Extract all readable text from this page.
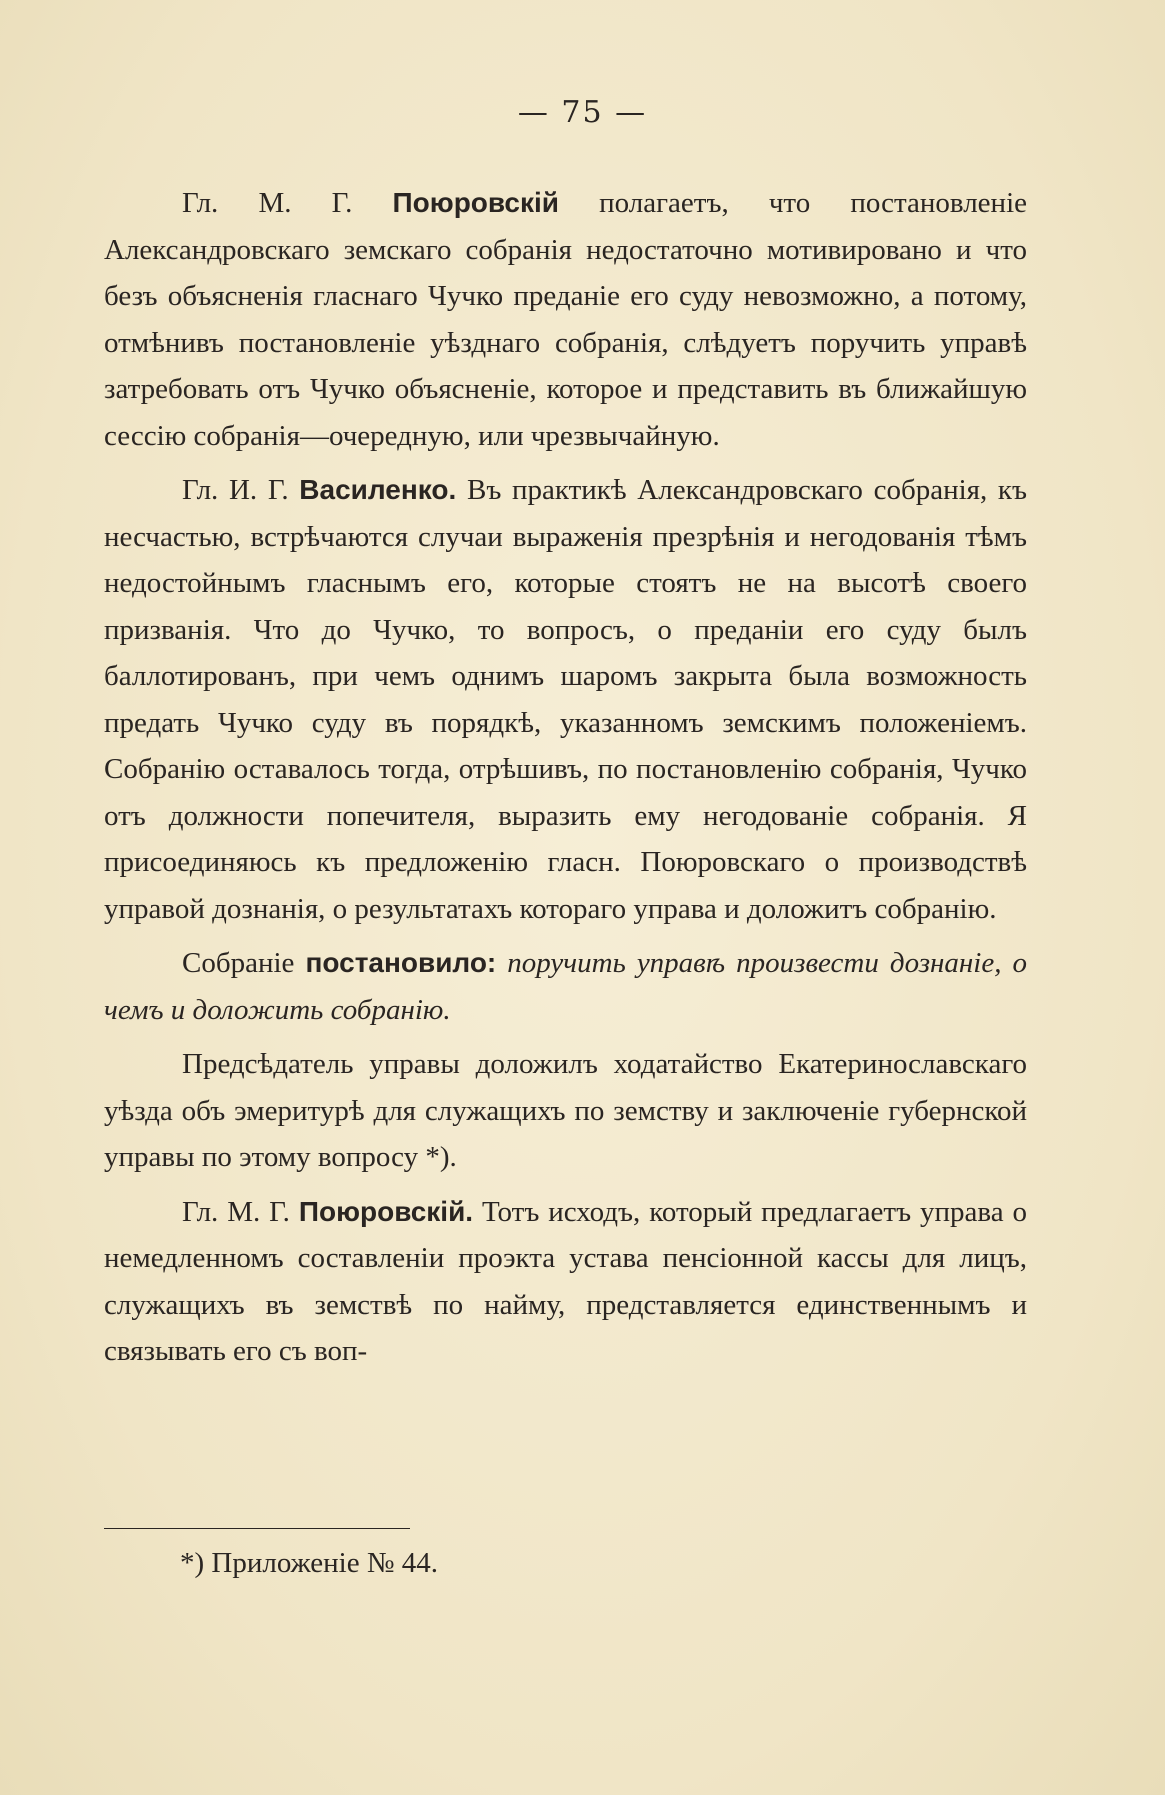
— 75 —

Гл. М. Г. Поюровскій полагаетъ, что постановленіе Александровскаго земскаго собранія недостаточно мотивировано и что безъ объясненія гласнаго Чучко преданіе его суду невозможно, а потому, отмѣнивъ постановленіе уѣзднаго собранія, слѣдуетъ поручить управѣ затребовать отъ Чучко объясненіе, которое и представить въ ближайшую сессію собранія—очередную, или чрезвычайную.

Гл. И. Г. Василенко. Въ практикѣ Александровскаго собранія, къ несчастью, встрѣчаются случаи выраженія презрѣнія и негодованія тѣмъ недостойнымъ гласнымъ его, которые стоятъ не на высотѣ своего призванія. Что до Чучко, то вопросъ, о преданіи его суду былъ баллотированъ, при чемъ однимъ шаромъ закрыта была возможность предать Чучко суду въ порядкѣ, указанномъ земскимъ положеніемъ. Собранію оставалось тогда, отрѣшивъ, по постановленію собранія, Чучко отъ должности попечителя, выразить ему негодованіе собранія. Я присоединяюсь къ предложенію гласн. Поюровскаго о производствѣ управой дознанія, о результатахъ котораго управа и доложитъ собранію.

Собраніе постановило: поручить управѣ произвести дознаніе, о чемъ и доложить собранію.

Предсѣдатель управы доложилъ ходатайство Екатеринославскаго уѣзда объ эмеритурѣ для служащихъ по земству и заключеніе губернской управы по этому вопросу *).

Гл. М. Г. Поюровскій. Тотъ исходъ, который предлагаетъ управа о немедленномъ составленіи проэкта устава пенсіонной кассы для лицъ, служащихъ въ земствѣ по найму, представляется единственнымъ и связывать его съ воп-

*) Приложеніе № 44.
